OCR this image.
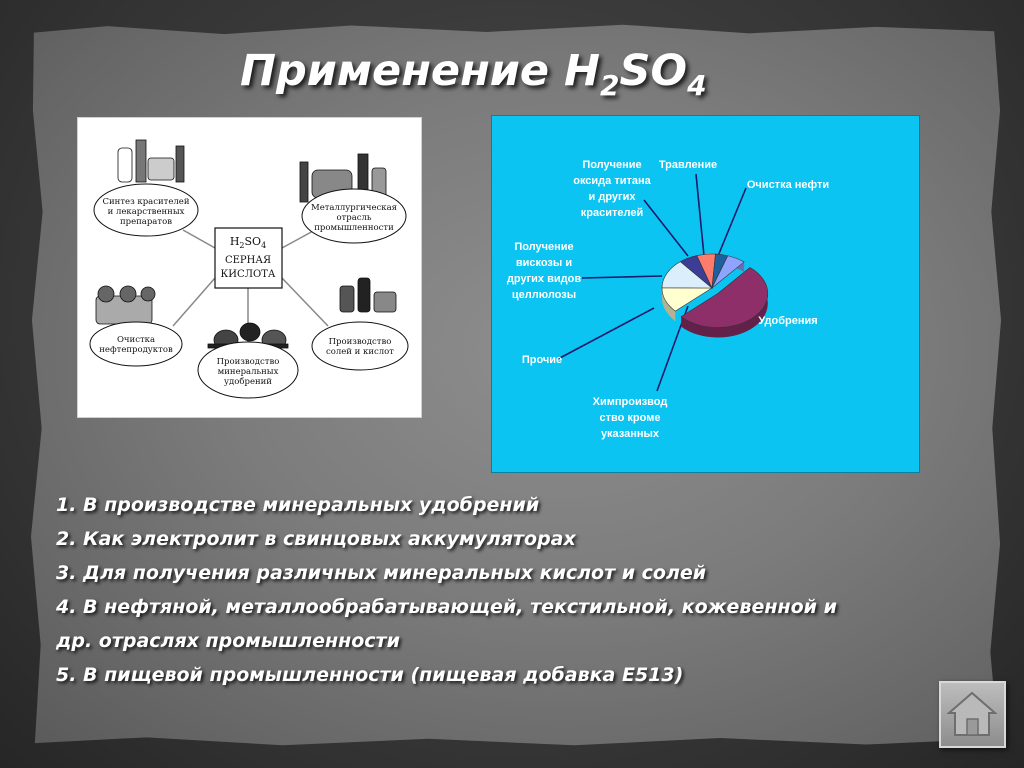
Применение $H_2SO_4$
$H_2SO_4$
СЕРНАЯ
КИСЛОТА
Синтез красителей
и лекарственных
препаратов
Металлургическая
отрасль
промышленности
Очистка
нефтепродуктов
Производство
минеральных
удобрений
Производство
солей и кислот
Удобрения
Химпроизвод ство кроме указанных
Прочие
Получение вискозы и других видов целлюлозы
Получение оксида титана и других красителей
Травление
Очистка нефти
1. В производстве минеральных удобрений
2. Как электролит в свинцовых аккумуляторах
3. Для получения различных минеральных кислот и солей
4. В нефтяной, металлообрабатывающей, текстильной, кожевенной и
др. отраслях промышленности
5. В пищевой промышленности (пищевая добавка Е513)
